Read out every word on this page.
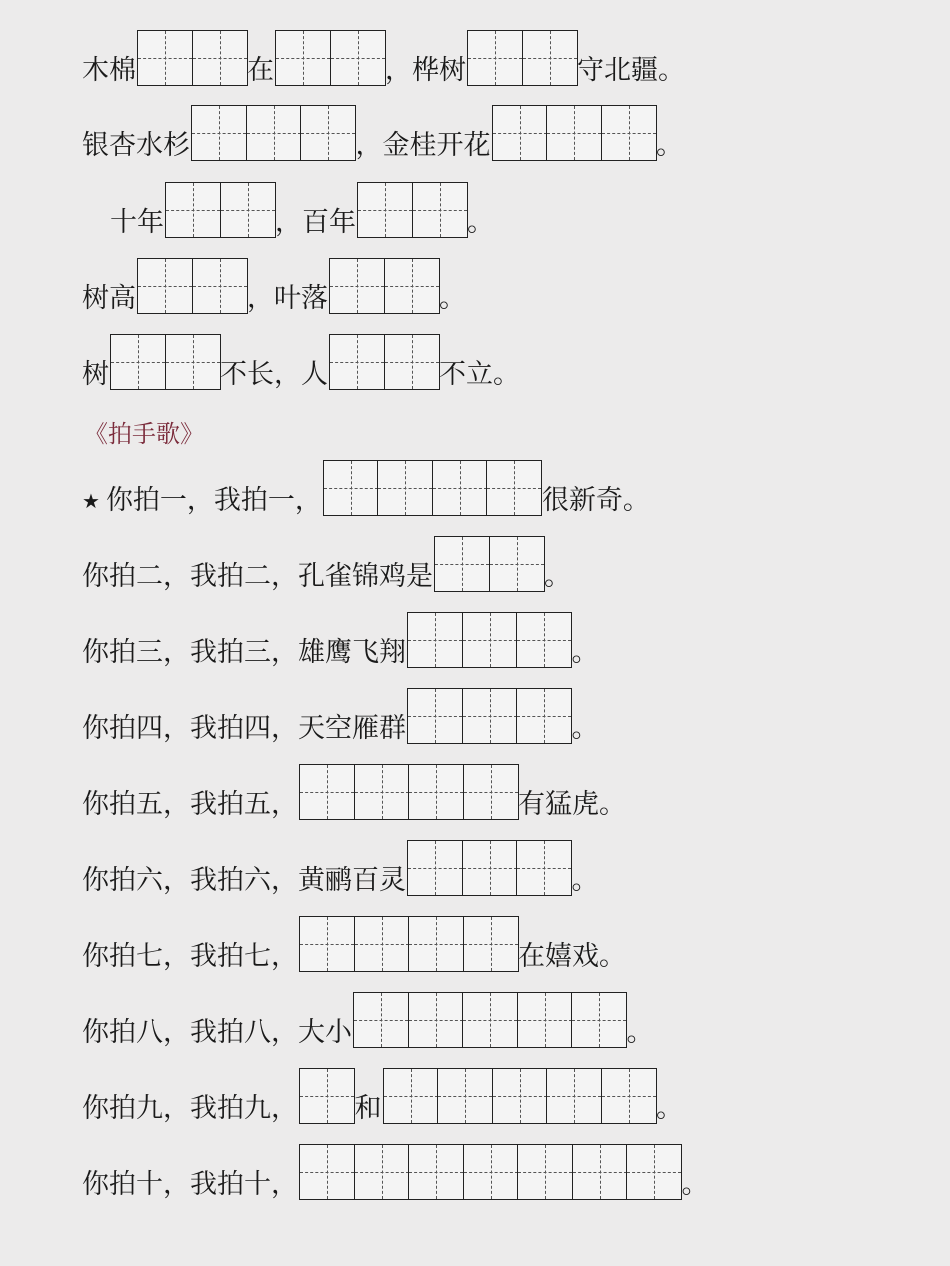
《拍手歌》
木棉	在	，桦树	守北疆。
银杏水杉	，金桂开花	。
十年	，百年	。
树高	，叶落	。
树	不长，人	不立。
★ 你拍一，我拍一，	很新奇。
你拍二，我拍二，孔雀锦鸡是	。
你拍三，我拍三，雄鹰飞翔	。
你拍四，我拍四，天空雁群	。
你拍五，我拍五，	有猛虎。
你拍六，我拍六，黄鹂百灵	。
你拍七，我拍七，	在嬉戏。
你拍八，我拍八，大小	。
你拍九，我拍九， 和	。
你拍十，我拍十，	。
